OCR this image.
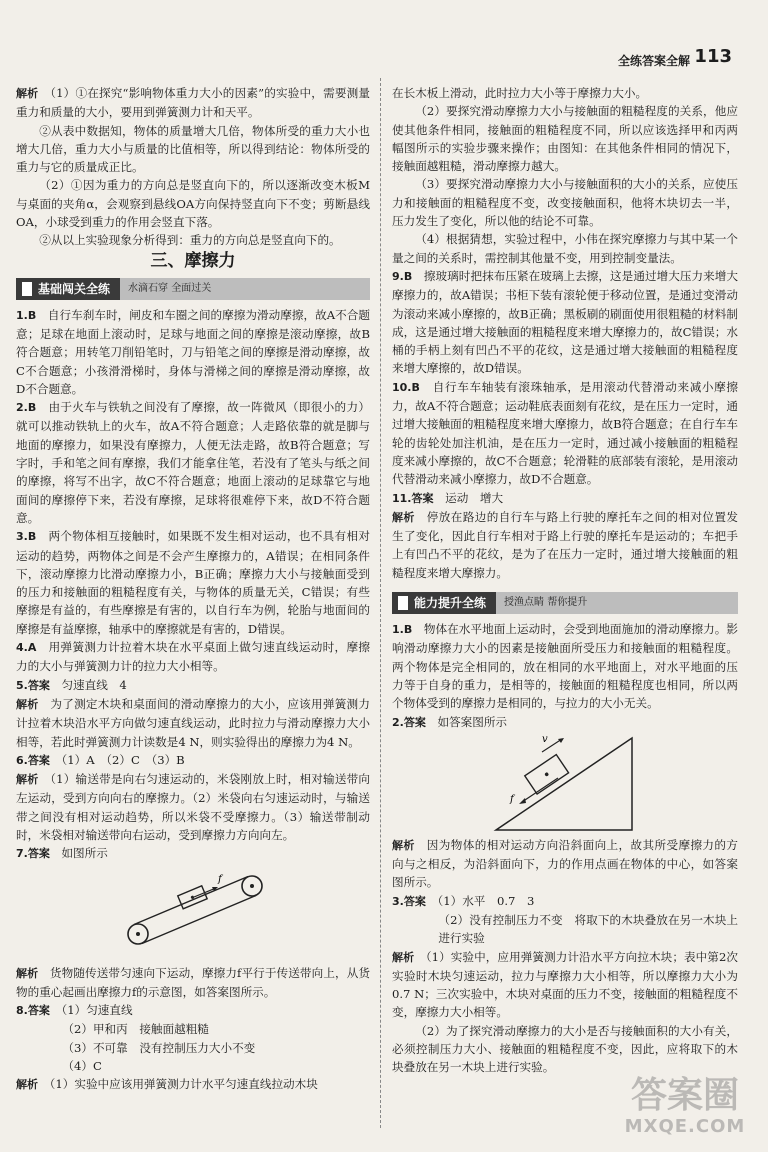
全练答案全解 113

解析　 （1）①在探究“影响物体重力大小的因素”的实验中，需要测量重力和质量的大小，要用到弹簧测力计和天平。

②从表中数据知，物体的质量增大几倍，物体所受的重力大小也增大几倍，重力大小与质量的比值相等，所以得到结论：物体所受的重力与它的质量成正比。

（2）①因为重力的方向总是竖直向下的，所以逐渐改变木板M与桌面的夹角α，会观察到悬线OA方向保持竖直向下不变；剪断悬线OA，小球受到重力的作用会竖直下落。

②从以上实验现象分析得到：重力的方向总是竖直向下的。

三、摩擦力
基础闯关全练	水滴石穿 全面过关

1.B　 自行车刹车时，闸皮和车圈之间的摩擦为滑动摩擦，故A不合题意；足球在地面上滚动时，足球与地面之间的摩擦是滚动摩擦，故B符合题意；用转笔刀削铅笔时，刀与铅笔之间的摩擦是滑动摩擦，故C不合题意；小孩滑滑梯时，身体与滑梯之间的摩擦是滑动摩擦，故D不合题意。

2.B　 由于火车与铁轨之间没有了摩擦，故一阵微风（即很小的力）就可以推动铁轨上的火车，故A不符合题意；人走路依靠的就是脚与地面的摩擦力，如果没有摩擦力，人便无法走路，故B符合题意；写字时，手和笔之间有摩擦，我们才能拿住笔，若没有了笔头与纸之间的摩擦，将写不出字，故C不符合题意；地面上滚动的足球靠它与地面间的摩擦停下来，若没有摩擦，足球将很难停下来，故D不符合题意。

3.B　 两个物体相互接触时，如果既不发生相对运动，也不具有相对运动的趋势，两物体之间是不会产生摩擦力的，A错误；在相同条件下，滚动摩擦力比滑动摩擦力小，B正确；摩擦力大小与接触面受到的压力和接触面的粗糙程度有关，与物体的质量无关，C错误；有些摩擦是有益的，有些摩擦是有害的，以自行车为例，轮胎与地面间的摩擦是有益摩擦，轴承中的摩擦就是有害的，D错误。

4.A　 用弹簧测力计拉着木块在水平桌面上做匀速直线运动时，摩擦力的大小与弹簧测力计的拉力大小相等。

5.答案　 匀速直线　4

解析　 为了测定木块和桌面间的滑动摩擦力的大小，应该用弹簧测力计拉着木块沿水平方向做匀速直线运动，此时拉力与滑动摩擦力大小相等，若此时弹簧测力计读数是4 N，则实验得出的摩擦力为4 N。

6.答案　 （1）A　（2）C　（3）B

解析　 （1）输送带是向右匀速运动的，米袋刚放上时，相对输送带向左运动，受到方向向右的摩擦力。（2）米袋向右匀速运动时，与输送带之间没有相对运动趋势，所以米袋不受摩擦力。（3）输送带制动时，米袋相对输送带向右运动，受到摩擦力方向向左。

7.答案　 如图所示

f

解析　 货物随传送带匀速向下运动，摩擦力f平行于传送带向上，从货物的重心起画出摩擦力f的示意图，如答案图所示。

8.答案　 （1）匀速直线

（2）甲和丙　接触面越粗糙

（3）不可靠　没有控制压力大小不变

（4）C

解析　 （1）实验中应该用弹簧测力计水平匀速直线拉动木块

在长木板上滑动，此时拉力大小等于摩擦力大小。

（2）要探究滑动摩擦力大小与接触面的粗糙程度的关系，他应使其他条件相同，接触面的粗糙程度不同，所以应该选择甲和丙两幅图所示的实验步骤来操作；由图知：在其他条件相同的情况下，接触面越粗糙，滑动摩擦力越大。

（3）要探究滑动摩擦力大小与接触面积的大小的关系，应使压力和接触面的粗糙程度不变，改变接触面积，他将木块切去一半，压力发生了变化，所以他的结论不可靠。

（4）根据猜想，实验过程中，小伟在探究摩擦力与其中某一个量之间的关系时，需控制其他量不变，用到控制变量法。

9.B　 擦玻璃时把抹布压紧在玻璃上去擦，这是通过增大压力来增大摩擦力的，故A错误；书柜下装有滚轮便于移动位置，是通过变滑动为滚动来减小摩擦的，故B正确；黑板刷的刷面使用很粗糙的材料制成，这是通过增大接触面的粗糙程度来增大摩擦力的，故C错误；水桶的手柄上刻有凹凸不平的花纹，这是通过增大接触面的粗糙程度来增大摩擦的，故D错误。

10.B　 自行车车轴装有滚珠轴承，是用滚动代替滑动来减小摩擦力，故A不符合题意；运动鞋底表面刻有花纹，是在压力一定时，通过增大接触面的粗糙程度来增大摩擦力，故B符合题意；在自行车车轮的齿轮处加注机油，是在压力一定时，通过减小接触面的粗糙程度来减小摩擦的，故C不合题意；轮滑鞋的底部装有滚轮，是用滚动代替滑动来减小摩擦力，故D不合题意。

11.答案　 运动　增大

解析　 停放在路边的自行车与路上行驶的摩托车之间的相对位置发生了变化，因此自行车相对于路上行驶的摩托车是运动的；车把手上有凹凸不平的花纹，是为了在压力一定时，通过增大接触面的粗糙程度来增大摩擦力。

能力提升全练	授渔点睛 帮你提升

1.B　 物体在水平地面上运动时，会受到地面施加的滑动摩擦力。影响滑动摩擦力大小的因素是接触面所受压力和接触面的粗糙程度。两个物体是完全相同的，放在相同的水平地面上，对水平地面的压力等于自身的重力，是相等的，接触面的粗糙程度也相同，所以两个物体受到的摩擦力是相同的，与拉力的大小无关。

2.答案　 如答案图所示

f
v

解析　 因为物体的相对运动方向沿斜面向上，故其所受摩擦力的方向与之相反，为沿斜面向下，力的作用点画在物体的中心，如答案图所示。

3.答案　 （1）水平　0.7　3

（2）没有控制压力不变　将取下的木块叠放在另一木块上进行实验

解析　 （1）实验中，应用弹簧测力计沿水平方向拉木块；表中第2次实验时木块匀速运动，拉力与摩擦力大小相等，所以摩擦力大小为0.7 N；三次实验中，木块对桌面的压力不变，接触面的粗糙程度不变，摩擦力大小相等。

（2）为了探究滑动摩擦力的大小是否与接触面积的大小有关，必须控制压力大小、接触面的粗糙程度不变，因此，应将取下的木块叠放在另一木块上进行实验。

答案圈
MXQE.COM
